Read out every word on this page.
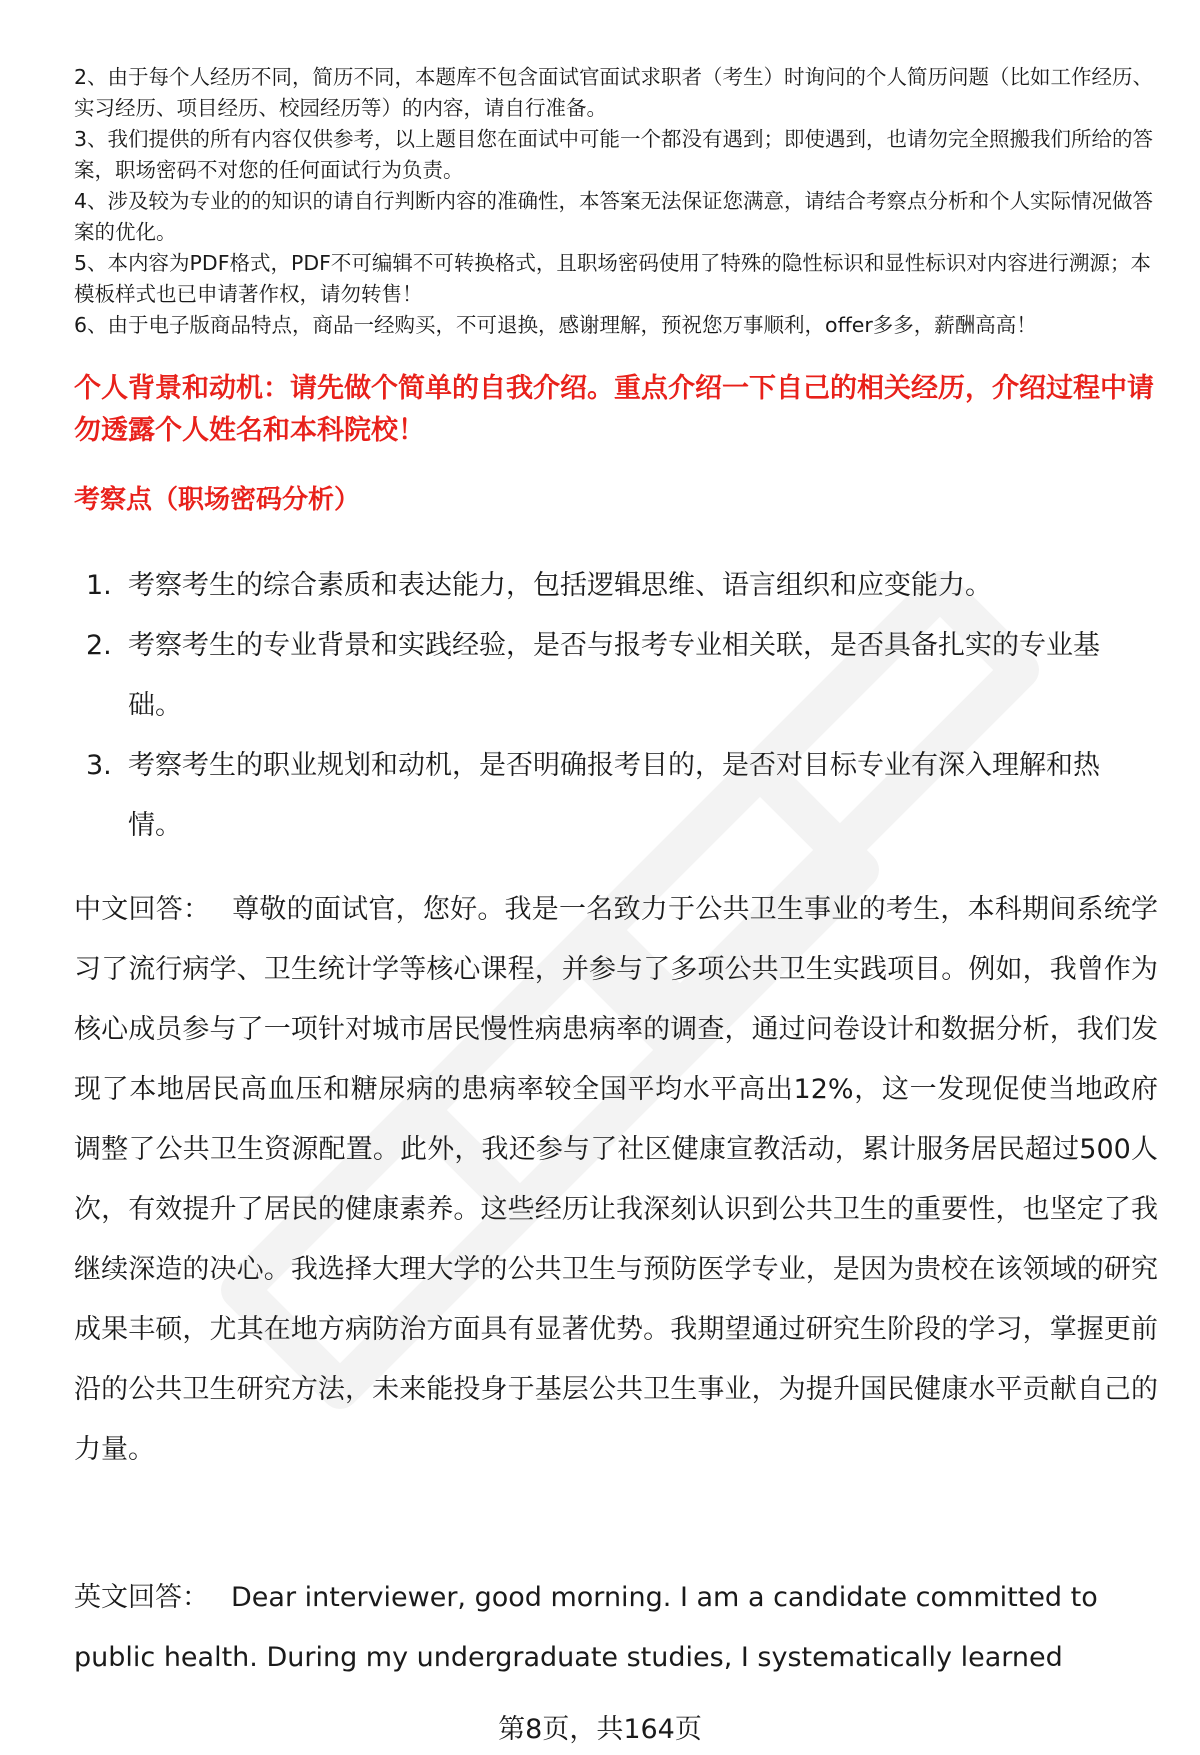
2、由于每个人经历不同，简历不同，本题库不包含面试官面试求职者（考生）时询问的个人简历问题（比如工作经历、实习经历、项目经历、校园经历等）的内容，请自行准备。

3、我们提供的所有内容仅供参考，以上题目您在面试中可能一个都没有遇到；即使遇到，也请勿完全照搬我们所给的答案，职场密码不对您的任何面试行为负责。

4、涉及较为专业的的知识的请自行判断内容的准确性，本答案无法保证您满意，请结合考察点分析和个人实际情况做答案的优化。

5、本内容为PDF格式，PDF不可编辑不可转换格式，且职场密码使用了特殊的隐性标识和显性标识对内容进行溯源；本模板样式也已申请著作权，请勿转售！

6、由于电子版商品特点，商品一经购买，不可退换，感谢理解，预祝您万事顺利，offer多多，薪酬高高！

个人背景和动机：请先做个简单的自我介绍。重点介绍一下自己的相关经历，介绍过程中请勿透露个人姓名和本科院校！
考察点（职场密码分析）
1. 考察考生的综合素质和表达能力，包括逻辑思维、语言组织和应变能力。
2. 考察考生的专业背景和实践经验，是否与报考专业相关联，是否具备扎实的专业基础。
3. 考察考生的职业规划和动机，是否明确报考目的，是否对目标专业有深入理解和热情。
中文回答： 尊敬的面试官，您好。我是一名致力于公共卫生事业的考生，本科期间系统学习了流行病学、卫生统计学等核心课程，并参与了多项公共卫生实践项目。例如，我曾作为核心成员参与了一项针对城市居民慢性病患病率的调查，通过问卷设计和数据分析，我们发现了本地居民高血压和糖尿病的患病率较全国平均水平高出12%，这一发现促使当地政府调整了公共卫生资源配置。此外，我还参与了社区健康宣教活动，累计服务居民超过500人次，有效提升了居民的健康素养。这些经历让我深刻认识到公共卫生的重要性，也坚定了我继续深造的决心。我选择大理大学的公共卫生与预防医学专业，是因为贵校在该领域的研究成果丰硕，尤其在地方病防治方面具有显著优势。我期望通过研究生阶段的学习，掌握更前沿的公共卫生研究方法，未来能投身于基层公共卫生事业，为提升国民健康水平贡献自己的力量。
英文回答： Dear interviewer, good morning. I am a candidate committed to public health. During my undergraduate studies, I systematically learned
第8页，共164页
